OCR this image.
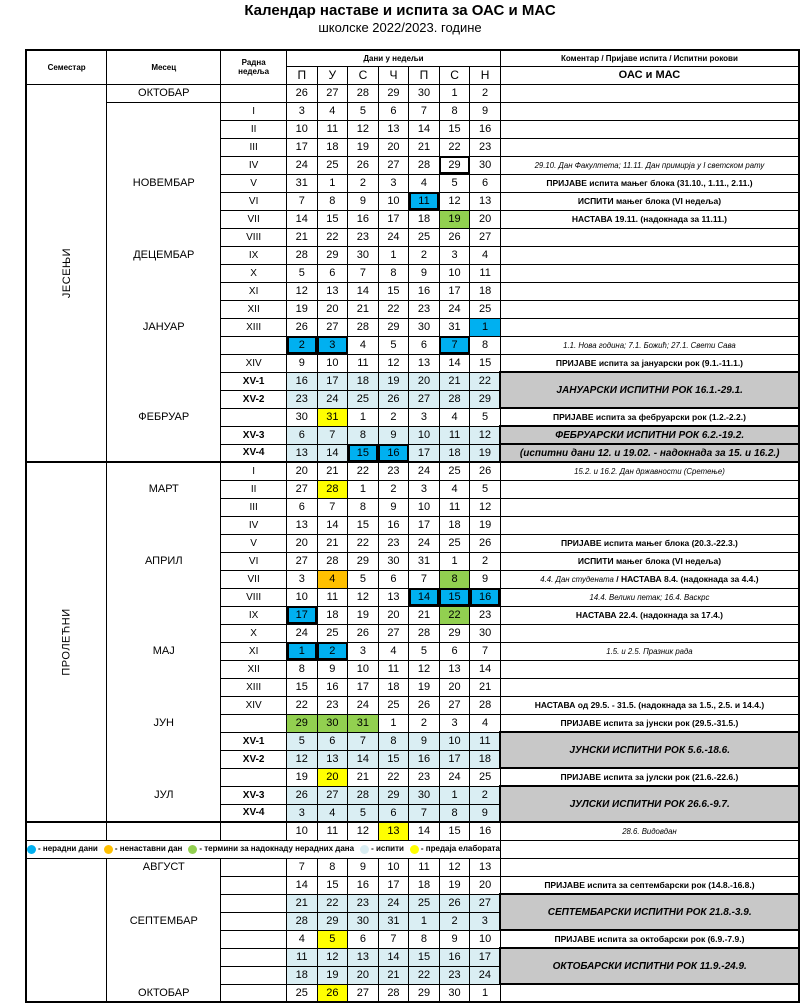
Календар наставе и испита за ОАС и МАС
школске 2022/2023. године
Семестар	Месец	Радна
недеља	Дани у недељи							Коментар / Пријаве испита / Испитни рокови
			П	У	С	Ч	П	С	Н	ОАС и МАС
ЈЕСЕЊИ	ОКТОБАР		26	27	28	29	30	1	2	
		I	3	4	5	6	7	8	9	
		II	10	11	12	13	14	15	16	
		III	17	18	19	20	21	22	23	
		IV	24	25	26	27	28	29	30	29.10. Дан Факултета; 11.11. Дан примирја у I светском рату
	НОВЕМБАР	V	31	1	2	3	4	5	6	ПРИЈАВЕ испита мањег блока (31.10., 1.11., 2.11.)
		VI	7	8	9	10	11	12	13	ИСПИТИ мањег блока (VI недеља)
		VII	14	15	16	17	18	19	20	НАСТАВА 19.11. (надокнада за 11.11.)
		VIII	21	22	23	24	25	26	27	
	ДЕЦЕМБАР	IX	28	29	30	1	2	3	4	
		X	5	6	7	8	9	10	11	
		XI	12	13	14	15	16	17	18	
		XII	19	20	21	22	23	24	25	
	ЈАНУАР	XIII	26	27	28	29	30	31	1	
			2	3	4	5	6	7	8	1.1. Нова година; 7.1. Божић; 27.1. Свети Сава
		XIV	9	10	11	12	13	14	15	ПРИЈАВЕ испита за јануарски рок (9.1.-11.1.)
		XV-1	16	17	18	19	20	21	22	ЈАНУАРСКИ ИСПИТНИ РОК 16.1.-29.1.
		XV-2	23	24	25	26	27	28	29	
	ФЕБРУАР		30	31	1	2	3	4	5	ПРИЈАВЕ испита за фебруарски рок (1.2.-2.2.)
		XV-3	6	7	8	9	10	11	12	ФЕБРУАРСКИ ИСПИТНИ РОК 6.2.-19.2.
		XV-4	13	14	15	16	17	18	19	(испитни дани 12. и 19.02. - надокнада за 15. и 16.2.)
ПРОЛЕЋНИ		I	20	21	22	23	24	25	26	15.2. и 16.2. Дан државности (Сретење)
	МАРТ	II	27	28	1	2	3	4	5	
		III	6	7	8	9	10	11	12	
		IV	13	14	15	16	17	18	19	
		V	20	21	22	23	24	25	26	ПРИЈАВЕ испита мањег блока (20.3.-22.3.)
	АПРИЛ	VI	27	28	29	30	31	1	2	ИСПИТИ мањег блока (VI недеља)
		VII	3	4	5	6	7	8	9	4.4. Дан студената / НАСТАВА 8.4. (надокнада за 4.4.)
		VIII	10	11	12	13	14	15	16	14.4. Велики петак; 16.4. Васкрс
		IX	17	18	19	20	21	22	23	НАСТАВА 22.4. (надокнада за 17.4.)
		X	24	25	26	27	28	29	30	
	МАЈ	XI	1	2	3	4	5	6	7	1.5. и 2.5. Празник рада
		XII	8	9	10	11	12	13	14	
		XIII	15	16	17	18	19	20	21	
		XIV	22	23	24	25	26	27	28	НАСТАВА од 29.5. - 31.5. (надокнада за 1.5., 2.5. и 14.4.)
	ЈУН		29	30	31	1	2	3	4	ПРИЈАВЕ испита за јунски рок (29.5.-31.5.)
		XV-1	5	6	7	8	9	10	11	ЈУНСКИ ИСПИТНИ РОК 5.6.-18.6.
		XV-2	12	13	14	15	16	17	18	
			19	20	21	22	23	24	25	ПРИЈАВЕ испита за јулски рок (21.6.-22.6.)
	ЈУЛ	XV-3	26	27	28	29	30	1	2	ЈУЛСКИ ИСПИТНИ РОК 26.6.-9.7.
		XV-4	3	4	5	6	7	8	9	
			10	11	12	13	14	15	16	28.6. Видовдан

- нерадни дани - ненаставни дан - термини за надокнаду нерадних дана - испити - предаја елабората										

	АВГУСТ		7	8	9	10	11	12	13	
			14	15	16	17	18	19	20	ПРИЈАВЕ испита за септембарски рок (14.8.-16.8.)
			21	22	23	24	25	26	27	СЕПТЕМБАРСКИ ИСПИТНИ РОК 21.8.-3.9.
	СЕПТЕМБАР		28	29	30	31	1	2	3	
			4	5	6	7	8	9	10	ПРИЈАВЕ испита за октобарски рок (6.9.-7.9.)
			11	12	13	14	15	16	17	ОКТОБАРСКИ ИСПИТНИ РОК 11.9.-24.9.
			18	19	20	21	22	23	24	
	ОКТОБАР		25	26	27	28	29	30	1	
